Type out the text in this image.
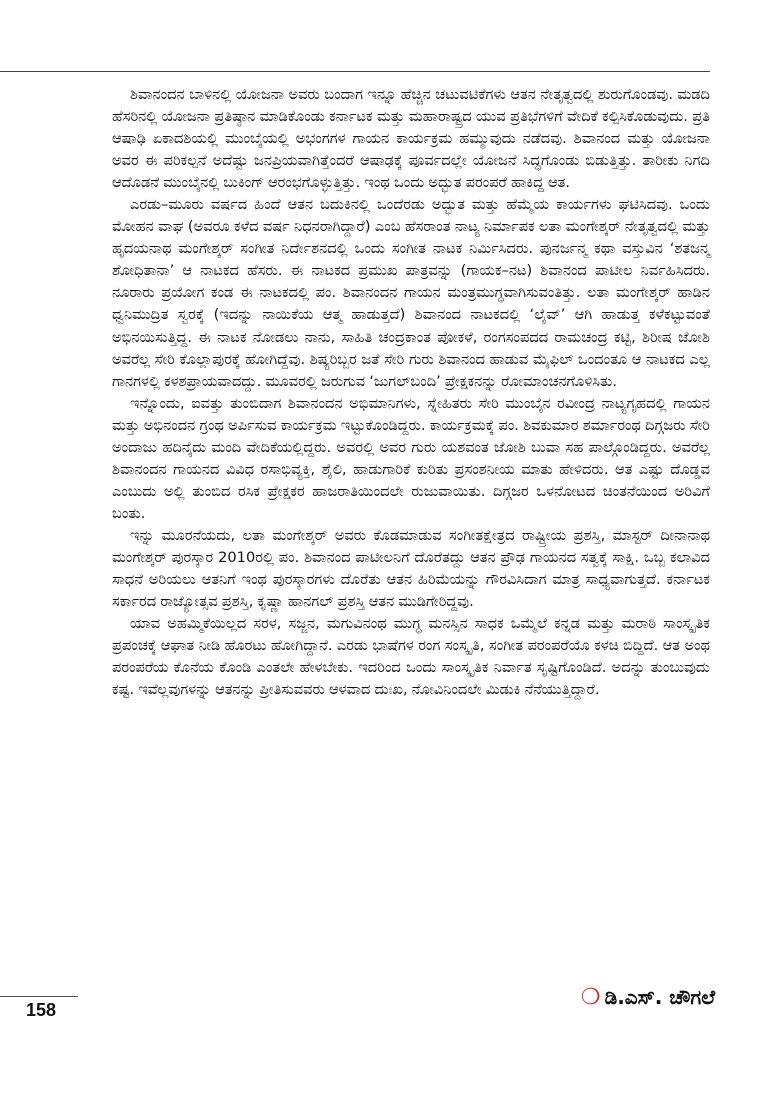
ಶಿವಾನಂದನ ಬಾಳಿನಲ್ಲಿ ಯೋಜನಾ ಅವರು ಬಂದಾಗ ಇನ್ನೂ ಹೆಚ್ಚಿನ ಚಟುವಟಿಕೆಗಳು ಆತನ ನೇತೃತ್ವದಲ್ಲಿ ಶುರುಗೊಂಡವು. ಮಡದಿ ಹೆಸರಿನಲ್ಲಿ ಯೋಜನಾ ಪ್ರತಿಷ್ಠಾನ ಮಾಡಿಕೊಂಡು ಕರ್ನಾಟಕ ಮತ್ತು ಮಹಾರಾಷ್ಟ್ರದ ಯುವ ಪ್ರತಿಭೆಗಳಿಗೆ ವೇದಿಕೆ ಕಲ್ಪಿಸಿಕೊಡುವುದು. ಪ್ರತಿ ಆಷಾಢಿ ಏಕಾದಶಿಯಲ್ಲಿ ಮುಂಬೈಯಲ್ಲಿ ಅಭಂಗಗಳ ಗಾಯನ ಕಾರ್ಯಕ್ರಮ ಹಮ್ಮುವುದು ನಡೆದವು. ಶಿವಾನಂದ ಮತ್ತು ಯೋಜನಾ ಅವರ ಈ ಪರಿಕಲ್ಪನೆ ಅದೆಷ್ಟು ಜನಪ್ರಿಯವಾಗಿತ್ತೆಂದರೆ ಆಷಾಢಕ್ಕೆ ಪೂರ್ವದಲ್ಲೇ ಯೋಜನೆ ಸಿದ್ಧಗೊಂಡು ಬಿಡುತ್ತಿತ್ತು. ತಾರೀಕು ನಿಗದಿ ಆದೊಡನೆ ಮುಂಬೈನಲ್ಲಿ ಬುಕಿಂಗ್ ಆರಂಭಗೊಳ್ಳುತ್ತಿತ್ತು. ಇಂಥ ಒಂದು ಅದ್ಭುತ ಪರಂಪರೆ ಹಾಕಿದ್ದ ಆತ.

ಎರಡು–ಮೂರು ವರ್ಷದ ಹಿಂದೆ ಆತನ ಬದುಕಿನಲ್ಲಿ ಒಂದೆರಡು ಅದ್ಭುತ ಮತ್ತು ಹೆಮ್ಮೆಯ ಕಾರ್ಯಗಳು ಘಟಿಸಿದವು. ಒಂದು ಮೋಹನ ವಾಘ (ಅವರೂ ಕಳೆದ ವರ್ಷ ನಿಧನರಾಗಿದ್ದಾರೆ) ಎಂಬ ಹೆಸರಾಂತ ನಾಟ್ಯ ನಿರ್ಮಾಪಕ ಲತಾ ಮಂಗೇಶ್ಕರ್ ನೇತೃತ್ವದಲ್ಲಿ ಮತ್ತು ಹೃದಯನಾಥ ಮಂಗೇಶ್ಕರ್ ಸಂಗೀತ ನಿರ್ದೇಶನದಲ್ಲಿ ಒಂದು ಸಂಗೀತ ನಾಟಕ ನಿರ್ಮಿಸಿದರು. ಪುನರ್ಜನ್ಮ ಕಥಾ ವಸ್ತುವಿನ ‘ಶತಜನ್ಮ ಶೋಧಿತಾನಾ’ ಆ ನಾಟಕದ ಹೆಸರು. ಈ ನಾಟಕದ ಪ್ರಮುಖ ಪಾತ್ರವನ್ನು (ಗಾಯಕ–ನಟ) ಶಿವಾನಂದ ಪಾಟೀಲ ನಿರ್ವಹಿಸಿದರು. ನೂರಾರು ಪ್ರಯೋಗ ಕಂಡ ಈ ನಾಟಕದಲ್ಲಿ ಪಂ. ಶಿವಾನಂದನ ಗಾಯನ ಮಂತ್ರಮುಗ್ಧವಾಗಿಸುವಂತಿತ್ತು. ಲತಾ ಮಂಗೇಶ್ಕರ್ ಹಾಡಿನ ಧ್ವನಿಮುದ್ರಿತ ಸ್ವರಕ್ಕೆ (ಇದನ್ನು ನಾಯಿಕೆಯ ಆತ್ಮ ಹಾಡುತ್ತದೆ) ಶಿವಾನಂದ ನಾಟಕದಲ್ಲಿ ‘ಲೈವ್’ ಆಗಿ ಹಾಡುತ್ತ ಕಳೆಕಟ್ಟುವಂತೆ ಅಭಿನಯಿಸುತ್ತಿದ್ದ. ಈ ನಾಟಕ ನೋಡಲು ನಾನು, ಸಾಹಿತಿ ಚಂದ್ರಕಾಂತ ಪೋಕಳೆ, ರಂಗಸಂಪದದ ರಾಮಚಂದ್ರ ಕಟ್ಟಿ, ಶಿರೀಷ ಜೋಶಿ ಅವರೆಲ್ಲ ಸೇರಿ ಕೊಲ್ಲಾಪುರಕ್ಕೆ ಹೋಗಿದ್ದೆವು. ಶಿಷ್ಯರಿಬ್ಬರ ಜತೆ ಸೇರಿ ಗುರು ಶಿವಾನಂದ ಹಾಡುವ ಮೈಫಿಲ್ ಒಂದಂತೂ ಆ ನಾಟಕದ ಎಲ್ಲ ಗಾನಗಳಲ್ಲಿ ಕಳಶಪ್ರಾಯವಾದದ್ದು. ಮೂವರಲ್ಲಿ ಜರುಗುವ ‘ಜುಗಲ್‌ಬಂದಿ’ ಪ್ರೇಕ್ಷಕನನ್ನು ರೋಮಾಂಚನಗೊಳಿಸಿತು.

ಇನ್ನೊಂದು, ಐವತ್ತು ತುಂಬಿದಾಗ ಶಿವಾನಂದನ ಅಭಿಮಾನಿಗಳು, ಸ್ನೇಹಿತರು ಸೇರಿ ಮುಂಬೈನ ರವೀಂದ್ರ ನಾಟ್ಯಗೃಹದಲ್ಲಿ ಗಾಯನ ಮತ್ತು ಅಭಿನಂದನ ಗ್ರಂಥ ಅರ್ಪಿಸುವ ಕಾರ್ಯಕ್ರಮ ಇಟ್ಟುಕೊಂಡಿದ್ದರು. ಕಾರ್ಯಕ್ರಮಕ್ಕೆ ಪಂ. ಶಿವಕುಮಾರ ಶರ್ಮಾರಂಥ ದಿಗ್ಗಜರು ಸೇರಿ ಅಂದಾಜು ಹದಿನೈದು ಮಂದಿ ವೇದಿಕೆಯಲ್ಲಿದ್ದರು. ಅವರಲ್ಲಿ ಅವರ ಗುರು ಯಶವಂತ ಜೋಶಿ ಬುವಾ ಸಹ ಪಾಲ್ಗೊಂಡಿದ್ದರು. ಅವರೆಲ್ಲ ಶಿವಾನಂದನ ಗಾಯನದ ವಿವಿಧ ರಸಾಭಿವ್ಯಕ್ತಿ, ಶೈಲಿ, ಹಾಡುಗಾರಿಕೆ ಕುರಿತು ಪ್ರಸಂಶನೀಯ ಮಾತು ಹೇಳಿದರು. ಆತ ಎಷ್ಟು ದೊಡ್ಡವ ಎಂಬುದು ಅಲ್ಲಿ ತುಂಬಿದ ರಸಿಕ ಪ್ರೇಕ್ಷಕರ ಹಾಜರಾತಿಯಿಂದಲೇ ರುಜುವಾಯಿತು. ದಿಗ್ಗಜರ ಒಳನೋಟದ ಚಿಂತನೆಯಿಂದ ಅರಿವಿಗೆ ಬಂತು.

ಇನ್ನು ಮೂರನೆಯದು, ಲತಾ ಮಂಗೇಶ್ಕರ್ ಅವರು ಕೊಡಮಾಡುವ ಸಂಗೀತಕ್ಷೇತ್ರದ ರಾಷ್ಟ್ರೀಯ ಪ್ರಶಸ್ತಿ, ಮಾಸ್ಟರ್ ದೀನಾನಾಥ ಮಂಗೇಶ್ಕರ್ ಪುರಸ್ಕಾರ 2010ರಲ್ಲಿ ಪಂ. ಶಿವಾನಂದ ಪಾಟೀಲನಿಗೆ ದೊರೆತದ್ದು ಆತನ ಪ್ರೌಢ ಗಾಯನದ ಸತ್ವಕ್ಕೆ ಸಾಕ್ಷಿ. ಒಬ್ಬ ಕಲಾವಿದ ಸಾಧನೆ ಅರಿಯಲು ಆತನಿಗೆ ಇಂಥ ಪುರಸ್ಕಾರಗಳು ದೊರೆತು ಆತನ ಹಿರಿಮೆಯನ್ನು ಗೌರವಿಸಿದಾಗ ಮಾತ್ರ ಸಾಧ್ಯವಾಗುತ್ತದೆ. ಕರ್ನಾಟಕ ಸರ್ಕಾರದ ರಾಜ್ಯೋತ್ಸವ ಪ್ರಶಸ್ತಿ, ಕೃಷ್ಣಾ ಹಾನಗಲ್ ಪ್ರಶಸ್ತಿ ಆತನ ಮುಡಿಗೇರಿದ್ದವು.

ಯಾವ ಅಹಮ್ಮಿಕೆಯಿಲ್ಲದ ಸರಳ, ಸಜ್ಜನ, ಮಗುವಿನಂಥ ಮುಗ್ಧ ಮನಸ್ಸಿನ ಸಾಧಕ ಒಮ್ಮೆಲೆ ಕನ್ನಡ ಮತ್ತು ಮರಾಠಿ ಸಾಂಸ್ಕೃತಿಕ ಪ್ರಪಂಚಕ್ಕೆ ಆಘಾತ ನೀಡಿ ಹೊರಟು ಹೋಗಿದ್ದಾನೆ. ಎರಡು ಭಾಷೆಗಳ ರಂಗ ಸಂಸ್ಕೃತಿ, ಸಂಗೀತ ಪರಂಪರೆಯೊ ಕಳಚಿ ಬಿದ್ದಿದೆ. ಆತ ಅಂಥ ಪರಂಪರೆಯ ಕೊನೆಯ ಕೊಂಡಿ ಎಂತಲೇ ಹೇಳಬೇಕು. ಇದರಿಂದ ಒಂದು ಸಾಂಸ್ಕೃತಿಕ ನಿರ್ವಾತ ಸೃಷ್ಟಿಗೊಂಡಿದೆ. ಅದನ್ನು ತುಂಬುವುದು ಕಷ್ಟ. ಇವೆಲ್ಲವುಗಳನ್ನು ಆತನನ್ನು ಪ್ರೀತಿಸುವವರು ಆಳವಾದ ದುಃಖ, ನೋವಿನಿಂದಲೇ ಮಿಡುಕಿ ನೆನೆಯುತ್ತಿದ್ದಾರೆ.

❍ ಡಿ.ಎಸ್. ಚೌಗಲೆ
158
